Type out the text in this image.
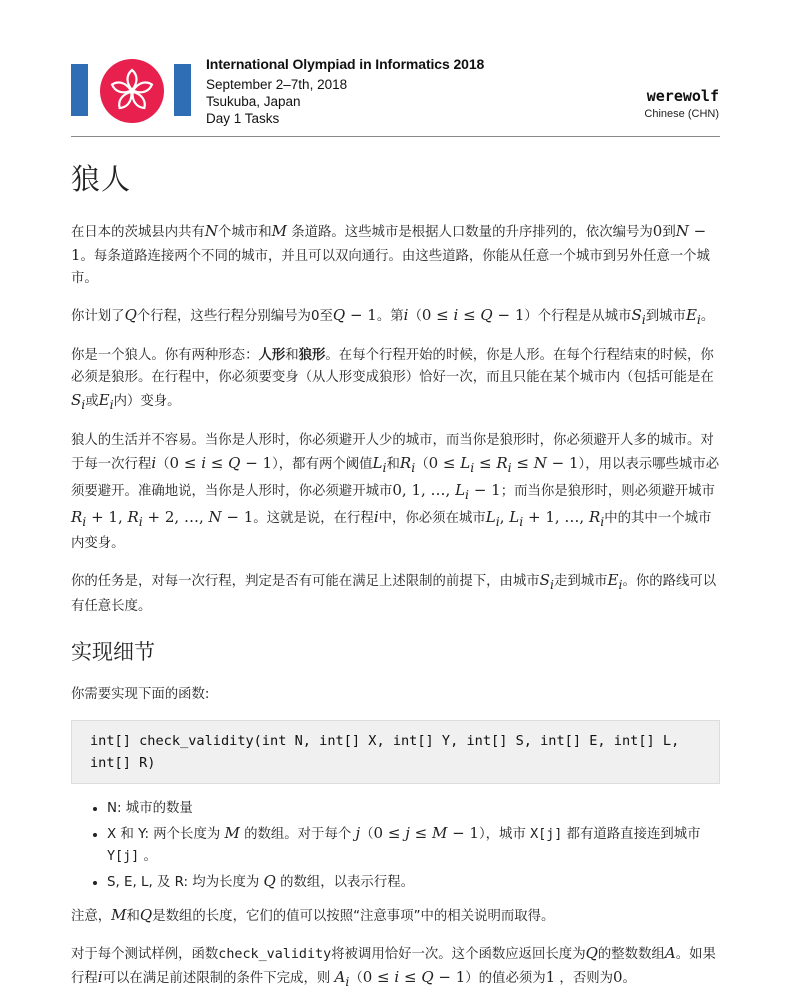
International Olympiad in Informatics 2018
September 2–7th, 2018
Tsukuba, Japan
Day 1 Tasks
werewolf
Chinese (CHN)
狼人

在日本的茨城县内共有N个城市和M 条道路。这些城市是根据人口数量的升序排列的，依次编号为0到N − 1。每条道路连接两个不同的城市，并且可以双向通行。由这些道路，你能从任意一个城市到另外任意一个城市。

你计划了Q个行程，这些行程分别编号为0至Q − 1。第i（0 ≤ i ≤ Q − 1）个行程是从城市$S_i$到城市$E_i$。

你是一个狼人。你有两种形态：人形和狼形。在每个行程开始的时候，你是人形。在每个行程结束的时候，你必须是狼形。在行程中，你必须要变身（从人形变成狼形）恰好一次，而且只能在某个城市内（包括可能是在$S_i$或$E_i$内）变身。

狼人的生活并不容易。当你是人形时，你必须避开人少的城市，而当你是狼形时，你必须避开人多的城市。对于每一次行程i（0 ≤ i ≤ Q − 1），都有两个阈值$L_i$和$R_i(0 \le L_i \le R_i \le N - 1)$，用以表示哪些城市必须要避开。准确地说，当你是人形时，你必须避开城市0, 1, …, $L_i - 1$；而当你是狼形时，则必须避开城市$R_i + 1$, $R_i + 2$, …, N − 1。这就是说，在行程i中，你必须在城市$L_i$, $L_i + 1$, …, $R_i$中的其中一个城市内变身。

你的任务是，对每一次行程，判定是否有可能在满足上述限制的前提下，由城市$S_i$走到城市$E_i$。你的路线可以有任意长度。

实现细节

你需要实现下面的函数:

int[] check_validity(int N, int[] X, int[] Y, int[] S, int[] E, int[] L, int[] R)
• N: 城市的数量
• X 和 Y: 两个长度为 M 的数组。对于每个 j（0 ≤ j ≤ M − 1），城市 X[j] 都有道路直接连到城市 Y[j] 。
• S, E, L, 及 R: 均为长度为 Q 的数组，以表示行程。

注意，M和Q是数组的长度，它们的值可以按照“注意事项”中的相关说明而取得。

对于每个测试样例，函数check_validity将被调用恰好一次。这个函数应返回长度为Q的整数数组A。如果行程i可以在满足前述限制的条件下完成，则 $A_i(0 \le i \le Q - 1)$的值必须为1 ，否则为0。
